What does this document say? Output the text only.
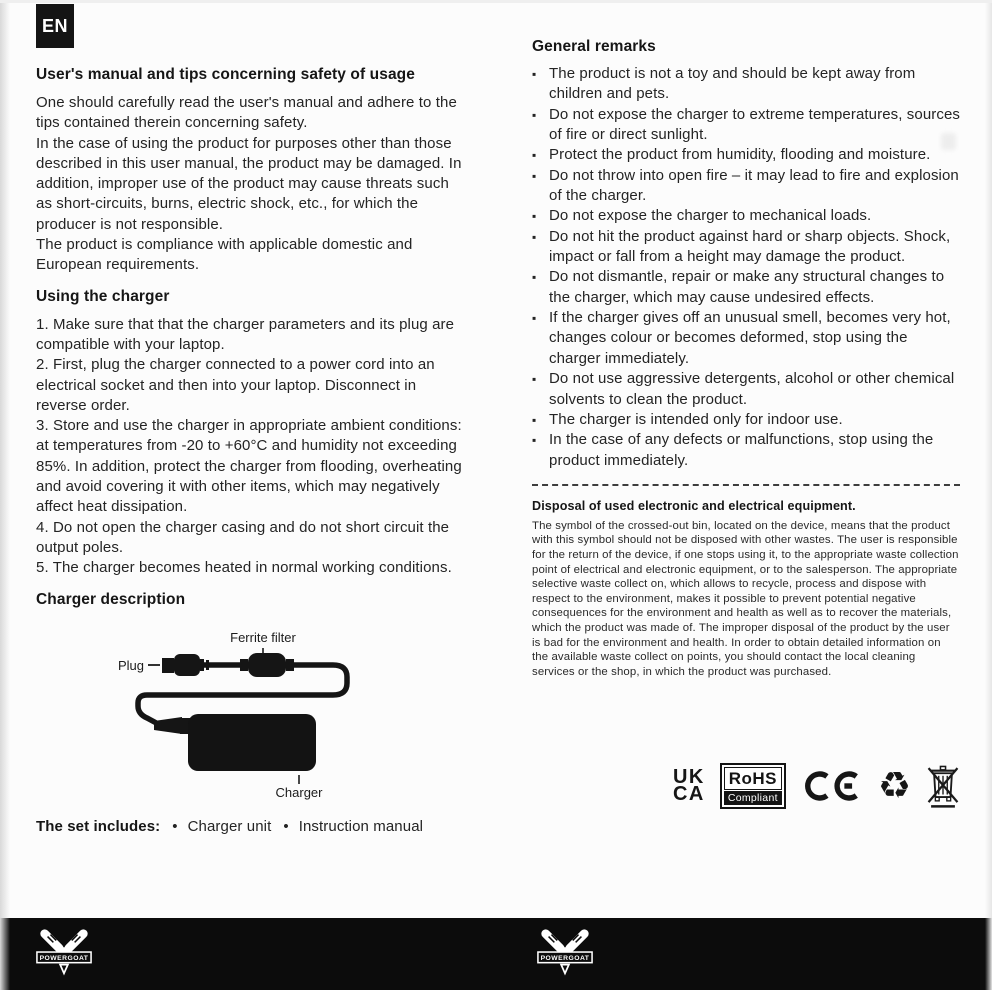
EN
User's manual and tips concerning safety of usage
One should carefully read the user's manual and adhere to the tips contained therein concerning safety.
In the case of using the product for purposes other than those described in this user manual, the product may be damaged. In addition, improper use of the product may cause threats such as short-circuits, burns, electric shock, etc., for which the producer is not responsible.
The product is compliance with applicable domestic and European requirements.
Using the charger
1. Make sure that that the charger parameters and its plug are compatible with your laptop.
2. First, plug the charger connected to a power cord into an electrical socket and then into your laptop. Disconnect in reverse order.
3. Store and use the charger in appropriate ambient conditions: at temperatures from -20 to +60°C and humidity not exceeding 85%. In addition, protect the charger from flooding, overheating and avoid covering it with other items, which may negatively affect heat dissipation.
4. Do not open the charger casing and do not short circuit the output poles.
5. The charger becomes heated in normal working conditions.
Charger description
Ferrite filter
Plug
Charger
The set includes: • Charger unit • Instruction manual
General remarks
▪ The product is not a toy and should be kept away from children and pets.
▪ Do not expose the charger to extreme temperatures, sources of fire or direct sunlight.
▪ Protect the product from humidity, flooding and moisture.
▪ Do not throw into open fire – it may lead to fire and explosion of the charger.
▪ Do not expose the charger to mechanical loads.
▪ Do not hit the product against hard or sharp objects. Shock, impact or fall from a height may damage the product.
▪ Do not dismantle, repair or make any structural changes to the charger, which may cause undesired effects.
▪ If the charger gives off an unusual smell, becomes very hot, changes colour or becomes deformed, stop using the charger immediately.
▪ Do not use aggressive detergents, alcohol or other chemical solvents to clean the product.
▪ The charger is intended only for indoor use.
▪ In the case of any defects or malfunctions, stop using the product immediately.
Disposal of used electronic and electrical equipment.
The symbol of the crossed-out bin, located on the device, means that the product with this symbol should not be disposed with other wastes. The user is responsible for the return of the device, if one stops using it, to the appropriate waste collection point of electrical and electronic equipment, or to the salesperson. The appropriate selective waste collect on, which allows to recycle, process and dispose with respect to the environment, makes it possible to prevent potential negative consequences for the environment and health as well as to recover the materials, which the product was made of. The improper disposal of the product by the user is bad for the environment and health. In order to obtain detailed information on the available waste collect on points, you should contact the local cleaning services or the shop, in which the product was purchased.
UK
CA
RoHS
Compliant	♻
POWERGOAT	POWERGOAT
